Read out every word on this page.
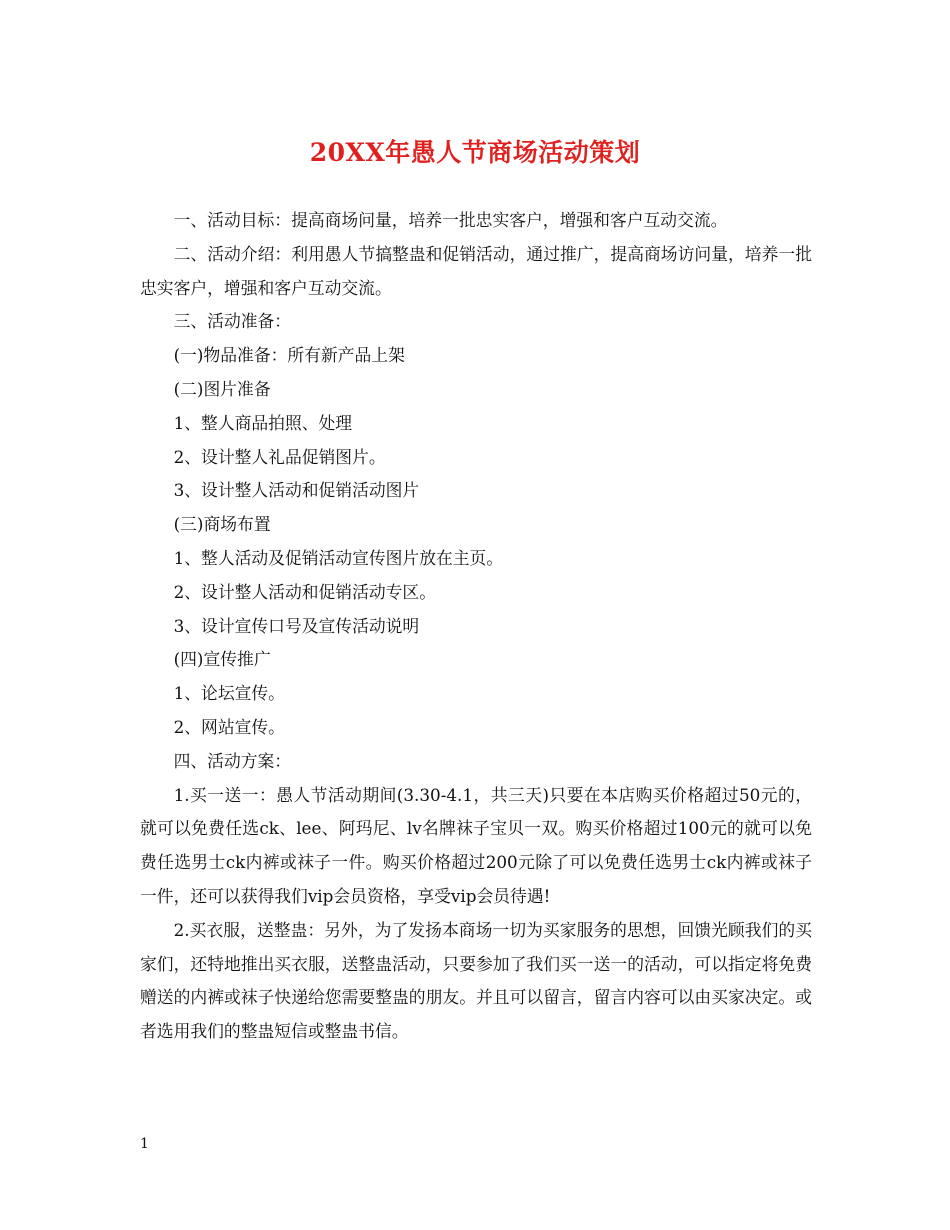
20XX年愚人节商场活动策划

一、活动目标：提高商场问量，培养一批忠实客户，增强和客户互动交流。

二、活动介绍：利用愚人节搞整蛊和促销活动，通过推广，提高商场访问量，培养一批忠实客户，增强和客户互动交流。

三、活动准备：

(一)物品准备：所有新产品上架

(二)图片准备

1、整人商品拍照、处理

2、设计整人礼品促销图片。

3、设计整人活动和促销活动图片

(三)商场布置

1、整人活动及促销活动宣传图片放在主页。

2、设计整人活动和促销活动专区。

3、设计宣传口号及宣传活动说明

(四)宣传推广

1、论坛宣传。

2、网站宣传。

四、活动方案：

1.买一送一：愚人节活动期间(3.30-4.1，共三天)只要在本店购买价格超过50元的，就可以免费任选ck、lee、阿玛尼、lv名牌袜子宝贝一双。购买价格超过100元的就可以免费任选男士ck内裤或袜子一件。购买价格超过200元除了可以免费任选男士ck内裤或袜子一件，还可以获得我们vip会员资格，享受vip会员待遇!

2.买衣服，送整蛊：另外，为了发扬本商场一切为买家服务的思想，回馈光顾我们的买家们，还特地推出买衣服，送整蛊活动，只要参加了我们买一送一的活动，可以指定将免费赠送的内裤或袜子快递给您需要整蛊的朋友。并且可以留言，留言内容可以由买家决定。或者选用我们的整蛊短信或整蛊书信。

1
